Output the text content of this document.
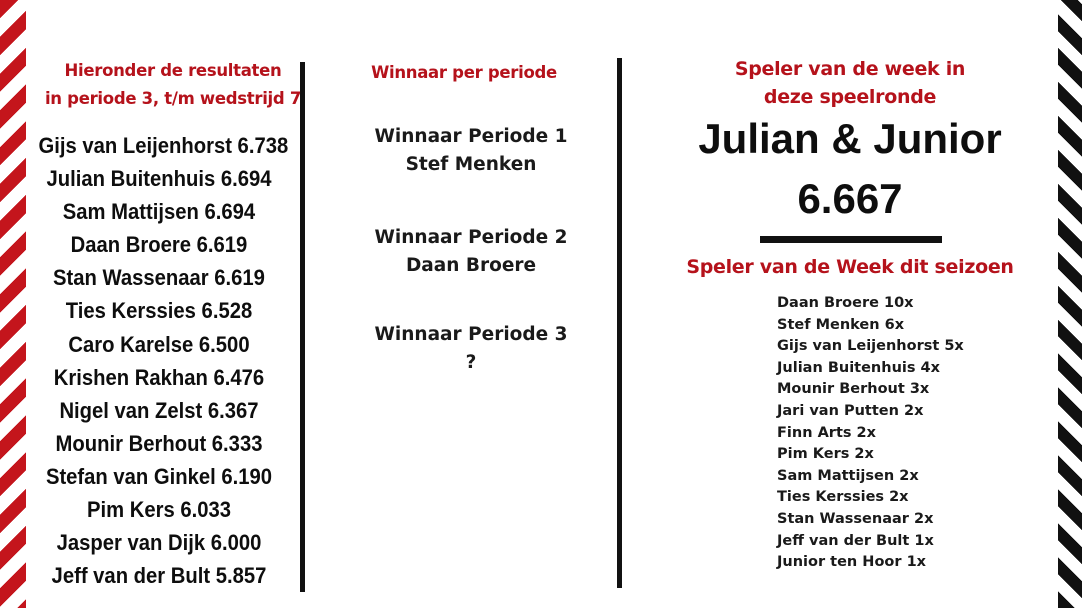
Hieronder de resultaten
in periode 3, t/m wedstrijd 7
Gijs van Leijenhorst 6.738
Julian Buitenhuis 6.694
Sam Mattijsen 6.694
Daan Broere 6.619
Stan Wassenaar 6.619
Ties Kerssies 6.528
Caro Karelse 6.500
Krishen Rakhan 6.476
Nigel van Zelst 6.367
Mounir Berhout 6.333
Stefan van Ginkel 6.190
Pim Kers 6.033
Jasper van Dijk 6.000
Jeff van der Bult 5.857
Winnaar per periode
Winnaar Periode 1
Stef Menken
Winnaar Periode 2
Daan Broere
Winnaar Periode 3
?
Speler van de week in
deze speelronde
Julian & Junior
6.667
Speler van de Week dit seizoen
Daan Broere 10x
Stef Menken 6x
Gijs van Leijenhorst 5x
Julian Buitenhuis 4x
Mounir Berhout 3x
Jari van Putten 2x
Finn Arts 2x
Pim Kers 2x
Sam Mattijsen 2x
Ties Kerssies 2x
Stan Wassenaar 2x
Jeff van der Bult 1x
Junior ten Hoor 1x
